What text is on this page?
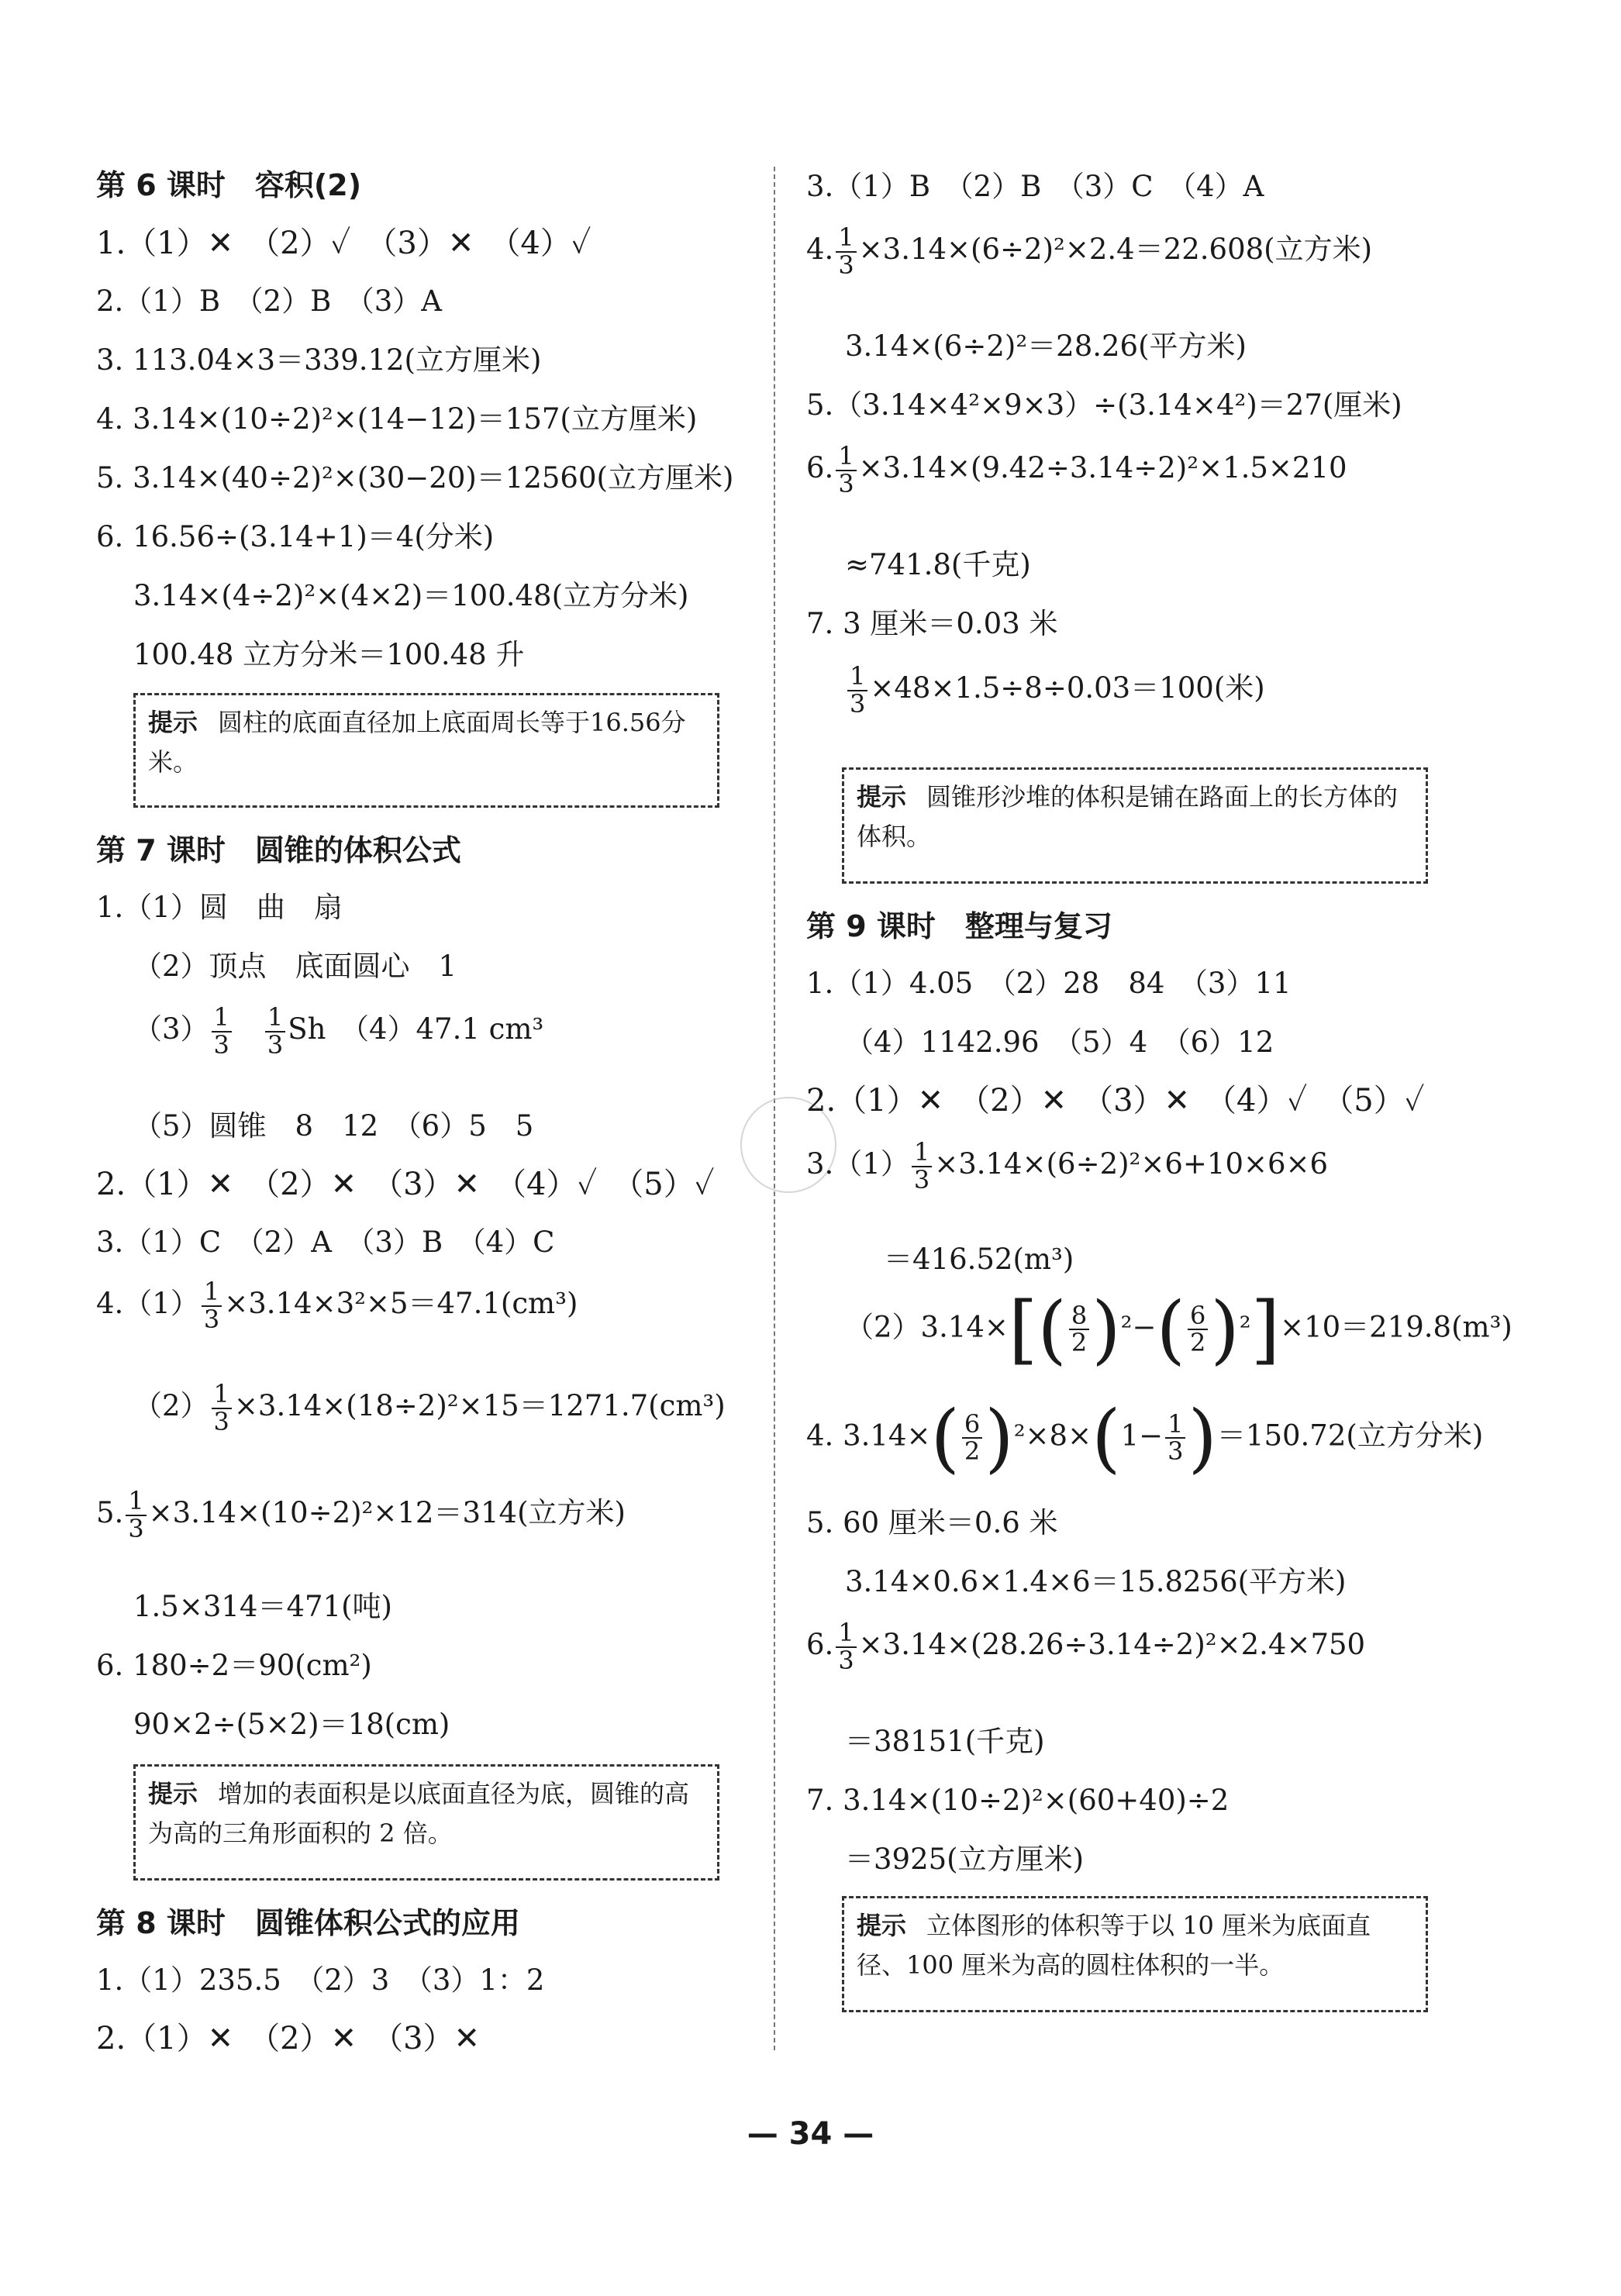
第 6 课时　容积(2)
1.（1）✕　（2）✓　（3）✕　（4）✓
2.（1）B　（2）B　（3）A
3. 113.04×3＝339.12(立方厘米)
4. 3.14×(10÷2)²×(14−12)＝157(立方厘米)
5. 3.14×(40÷2)²×(30−20)＝12560(立方厘米)
6. 16.56÷(3.14+1)＝4(分米)
3.14×(4÷2)²×(4×2)＝100.48(立方分米)
100.48 立方分米＝100.48 升
提示 圆柱的底面直径加上底面周长等于16.56分米。
第 7 课时　圆锥的体积公式
1.（1）圆　曲　扇
（2）顶点　底面圆心　1
$(3) \frac{1}{3}$
　 $\frac{1}{3}$ Sh　（4）47.1 cm³
（5）圆锥　8　12　（6）5　5
2.（1）✕　（2）✕　（3）✕　（4）✓　（5）✓
3.（1）C　（2）A　（3）B　（4）C
$4.(1) \frac{1}{3} \times 3.14\times 3^2\times 5=47.1(cm^3)$
$(2) \frac{1}{3} \times 3.14\times(18\div 2)^2\times 15=1271.7(cm^3)$
5. $\frac{1}{3} \times 3.14\times(10\div 2)^2\times 12=314$(立方米)
1.5×314＝471(吨)
6. 180÷2＝90(cm²)
90×2÷(5×2)＝18(cm)
提示 增加的表面积是以底面直径为底，圆锥的高为高的三角形面积的 2 倍。
第 8 课时　圆锥体积公式的应用
1.（1）235.5　（2）3　（3）1：2
2.（1）✕　（2）✕　（3）✕
3.（1）B　（2）B　（3）C　（4）A
4. $\frac{1}{3} \times 3.14\times(6\div 2)^2\times 2.4=22.608$(立方米)
3.14×(6÷2)²＝28.26(平方米)
5.（3.14×4²×9×3）÷(3.14×4²)＝27(厘米)
6. $\frac{1}{3} \times 3.14\times(9.42\div 3.14\div 2)^2\times 1.5\times 210$
≈741.8(千克)
7. 3 厘米＝0.03 米
$\frac{1}{3} \times 48\times 1.5\div 8\div 0.03=100$(米)
提示 圆锥形沙堆的体积是铺在路面上的长方体的体积。
第 9 课时　整理与复习
1.（1）4.05　（2）28　84　（3）11
（4）1142.96　（5）4　（6）12
2.（1）✕　（2）✕　（3）✕　（4）✓　（5）✓
$3.(1) \frac{1}{3} \times 3.14\times(6\div 2)^2\times 6+10\times 6\times 6$
＝416.52(m³)
$(2)3.14\times[( \frac{8}{2} )^2-( \frac{6}{2} )^2]\times 10=219.8(m^3)$
4. $3.14\times( \frac{6}{2} )^2\times 8\times(1- \frac{1}{3} )=150.72$(立方分米)
5. 60 厘米＝0.6 米
3.14×0.6×1.4×6＝15.8256(平方米)
6. $\frac{1}{3} \times 3.14\times(28.26\div 3.14\div 2)^2\times 2.4\times 750$
＝38151(千克)
7. 3.14×(10÷2)²×(60+40)÷2
＝3925(立方厘米)
提示 立体图形的体积等于以 10 厘米为底面直径、100 厘米为高的圆柱体积的一半。
— 34 —
